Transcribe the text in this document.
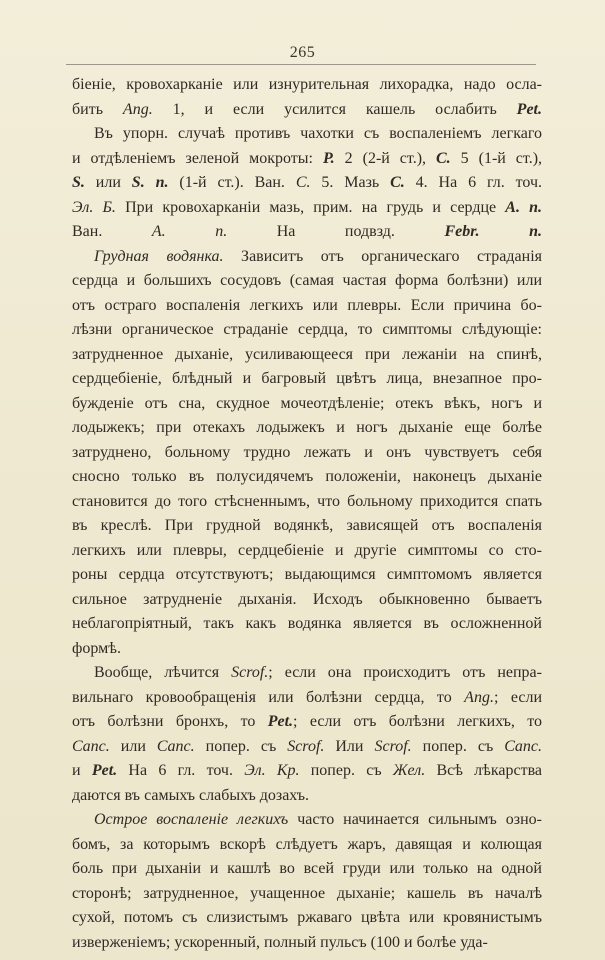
265
біеніе, кровохарканіе или изнурительная лихорадка, надо осла-
бить Ang. 1, и если усилится кашель ослабить Pet.
Въ упорн. случаѣ противъ чахотки съ воспаленіемъ легкаго
и отдѣленіемъ зеленой мокроты: P. 2 (2-й ст.), C. 5 (1-й ст.),
S. или S. n. (1-й ст.). Ван. C. 5. Мазь C. 4. На 6 гл. точ.
Эл. Б. При кровохарканіи мазь, прим. на грудь и сердце A. n.
Ван. A. n. На подвзд. Febr. n.
Грудная водянка. Зависитъ отъ органическаго страданія
сердца и большихъ сосудовъ (самая частая форма болѣзни) или
отъ остраго воспаленія легкихъ или плевры. Если причина бо-
лѣзни органическое страданіе сердца, то симптомы слѣдующіе:
затрудненное дыханіе, усиливающееся при лежаніи на спинѣ,
сердцебіеніе, блѣдный и багровый цвѣтъ лица, внезапное про-
бужденіе отъ сна, скудное мочеотдѣленіе; отекъ вѣкъ, ногъ и
лодыжекъ; при отекахъ лодыжекъ и ногъ дыханіе еще болѣе
затруднено, больному трудно лежать и онъ чувствуетъ себя
сносно только въ полусидячемъ положеніи, наконецъ дыханіе
становится до того стѣсненнымъ, что больному приходится спать
въ креслѣ. При грудной водянкѣ, зависящей отъ воспаленія
легкихъ или плевры, сердцебіеніе и другіе симптомы со сто-
роны сердца отсутствуютъ; выдающимся симптомомъ является
сильное затрудненіе дыханія. Исходъ обыкновенно бываетъ
неблагопріятный, такъ какъ водянка является въ осложненной
формѣ.
Вообще, лѣчится Scrof.; если она происходитъ отъ непра-
вильнаго кровообращенія или болѣзни сердца, то Ang.; если
отъ болѣзни бронхъ, то Pet.; если отъ болѣзни легкихъ, то
Canc. или Canc. попер. съ Scrof. Или Scrof. попер. съ Canc.
и Pet. На 6 гл. точ. Эл. Кр. попер. съ Жел. Всѣ лѣкарства
даются въ самыхъ слабыхъ дозахъ.
Острое воспаленіе легкихъ часто начинается сильнымъ озно-
бомъ, за которымъ вскорѣ слѣдуетъ жаръ, давящая и колющая
боль при дыханіи и кашлѣ во всей груди или только на одной
сторонѣ; затрудненное, учащенное дыханіе; кашель въ началѣ
сухой, потомъ съ слизистымъ ржаваго цвѣта или кровянистымъ
изверженіемъ; ускоренный, полный пульсъ (100 и болѣе уда-
